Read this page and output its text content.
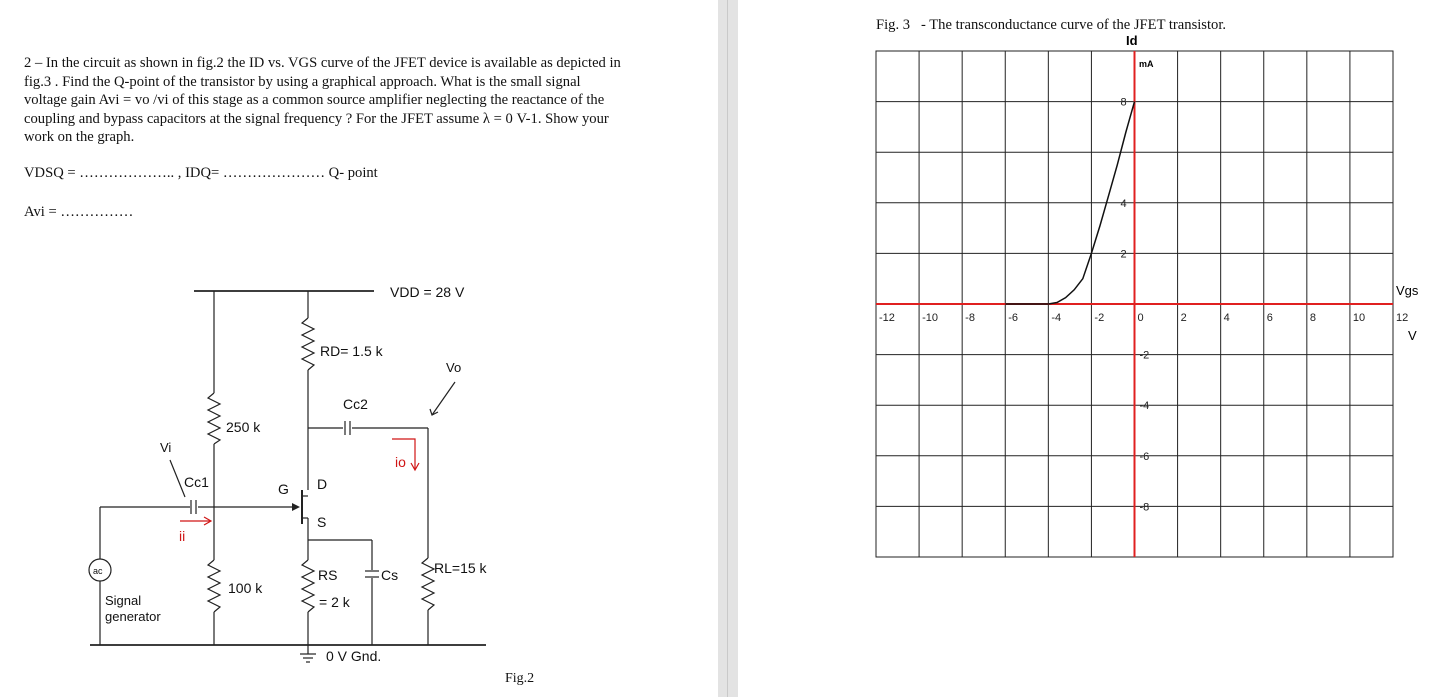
2 – In the circuit as shown in fig.2 the ID vs. VGS curve of the JFET device is available as depicted in fig.3 . Find the Q-point of the transistor by using a graphical approach. What is the small signal voltage gain Avi = vo /vi of this stage as a common source amplifier neglecting the reactance of the coupling and bypass capacitors at the signal frequency ? For the JFET assume λ = 0 V-1. Show your work on the graph.

VDSQ = ……………….. , IDQ= ………………… Q- point
Avi = ……………
VDD = 28 V
RD= 1.5 k
Vo
Cc2
250 k
Vi
Cc1	G D
S
io
ii
ac
Signal
generator
100 k
RS
= 2 k
Cs	RL=15 k
0 V Gnd.
Fig.2
Fig. 3   - The transconductance curve of the JFET transistor.
-12 -10 -8	-6	-4	-2	0	2	4	6	8	10	12
2
4
8
-2
-4
-6
-8
Id
mA
Vgs
V
